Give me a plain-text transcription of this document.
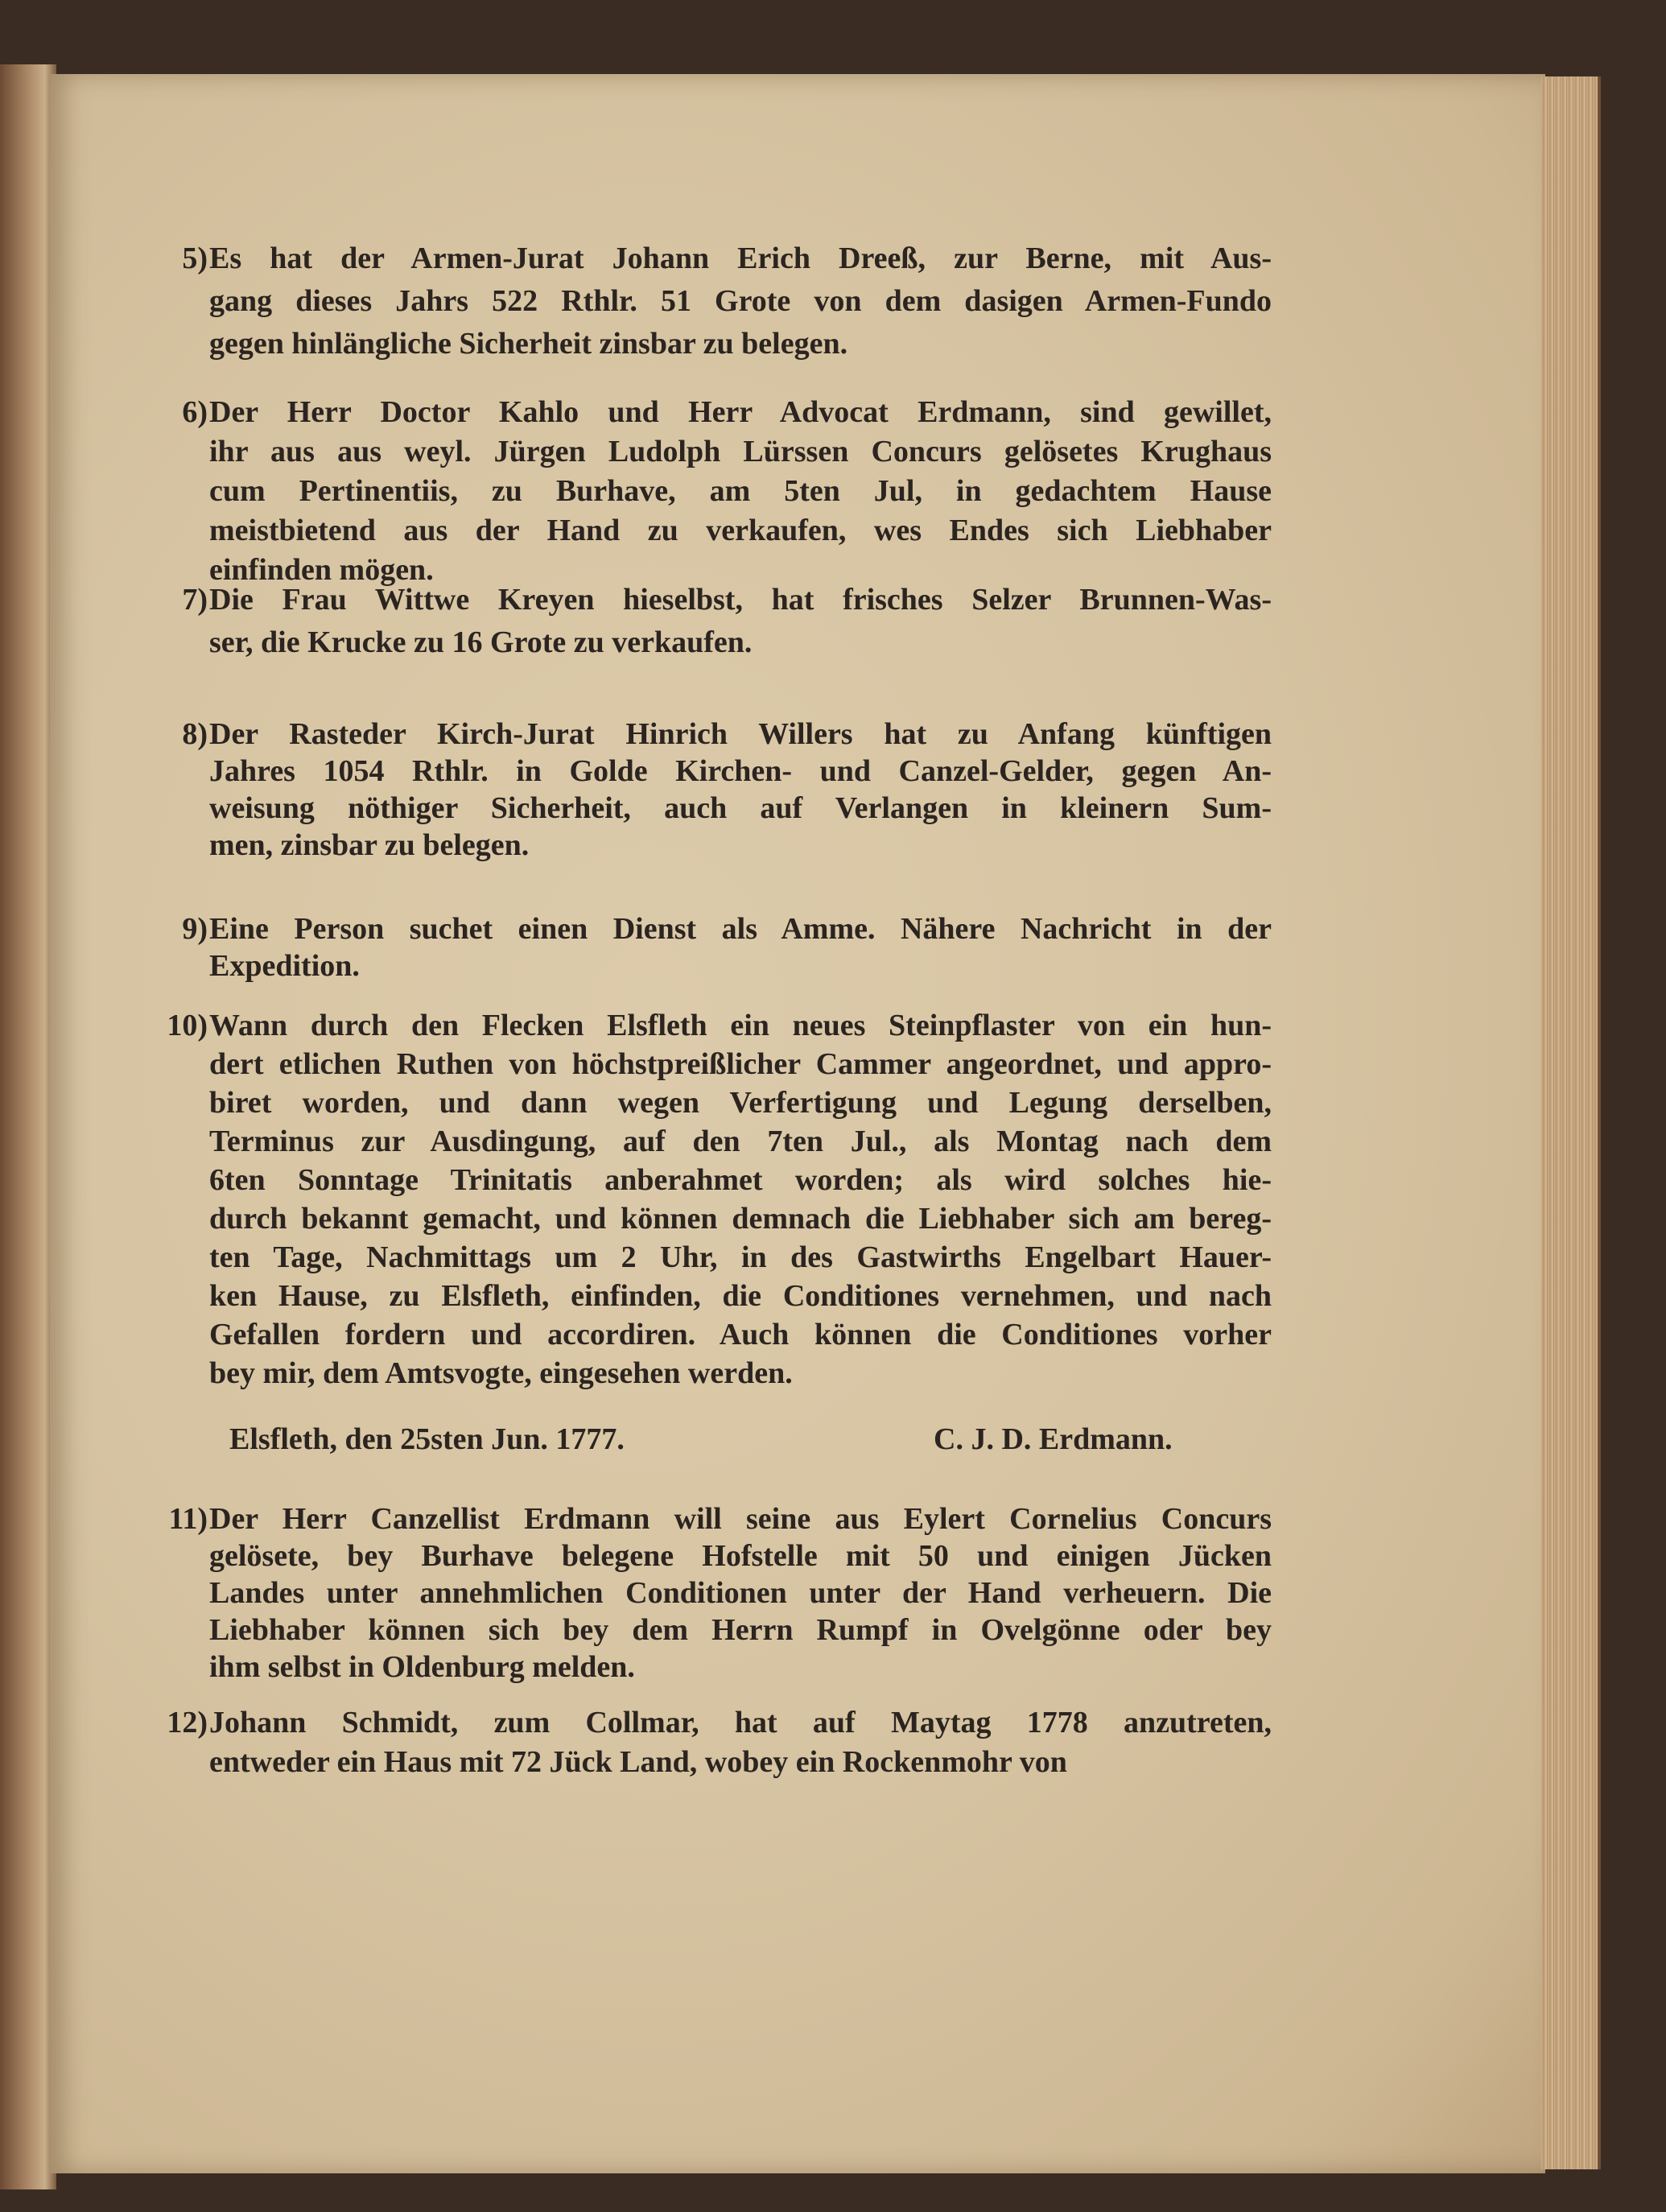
5) Es hat der Armen-Jurat Johann Erich Dreeß, zur Berne, mit Aus-
gang dieses Jahrs 522 Rthlr. 51 Grote von dem dasigen Armen-Fundo
gegen hinlängliche Sicherheit zinsbar zu belegen.
6) Der Herr Doctor Kahlo und Herr Advocat Erdmann, sind gewillet,
ihr aus aus weyl. Jürgen Ludolph Lürssen Concurs gelösetes Krughaus
cum Pertinentiis, zu Burhave, am 5ten Jul, in gedachtem Hause
meistbietend aus der Hand zu verkaufen, wes Endes sich Liebhaber
einfinden mögen.
7) Die Frau Wittwe Kreyen hieselbst, hat frisches Selzer Brunnen-Was-
ser, die Krucke zu 16 Grote zu verkaufen.
8) Der Rasteder Kirch-Jurat Hinrich Willers hat zu Anfang künftigen
Jahres 1054 Rthlr. in Golde Kirchen- und Canzel-Gelder, gegen An-
weisung nöthiger Sicherheit, auch auf Verlangen in kleinern Sum-
men, zinsbar zu belegen.
9) Eine Person suchet einen Dienst als Amme. Nähere Nachricht in der
Expedition.
10) Wann durch den Flecken Elsfleth ein neues Steinpflaster von ein hun-
dert etlichen Ruthen von höchstpreißlicher Cammer angeordnet, und appro-
biret worden, und dann wegen Verfertigung und Legung derselben,
Terminus zur Ausdingung, auf den 7ten Jul., als Montag nach dem
6ten Sonntage Trinitatis anberahmet worden; als wird solches hie-
durch bekannt gemacht, und können demnach die Liebhaber sich am bereg-
ten Tage, Nachmittags um 2 Uhr, in des Gastwirths Engelbart Hauer-
ken Hause, zu Elsfleth, einfinden, die Conditiones vernehmen, und nach
Gefallen fordern und accordiren. Auch können die Conditiones vorher
bey mir, dem Amtsvogte, eingesehen werden.
11) Der Herr Canzellist Erdmann will seine aus Eylert Cornelius Concurs
gelösete, bey Burhave belegene Hofstelle mit 50 und einigen Jücken
Landes unter annehmlichen Conditionen unter der Hand verheuern. Die
Liebhaber können sich bey dem Herrn Rumpf in Ovelgönne oder bey
ihm selbst in Oldenburg melden.
12) Johann Schmidt, zum Collmar, hat auf Maytag 1778 anzutreten,
entweder ein Haus mit 72 Jück Land, wobey ein Rockenmohr von
Elsfleth, den 25sten Jun. 1777.	C. J. D. Erdmann.
